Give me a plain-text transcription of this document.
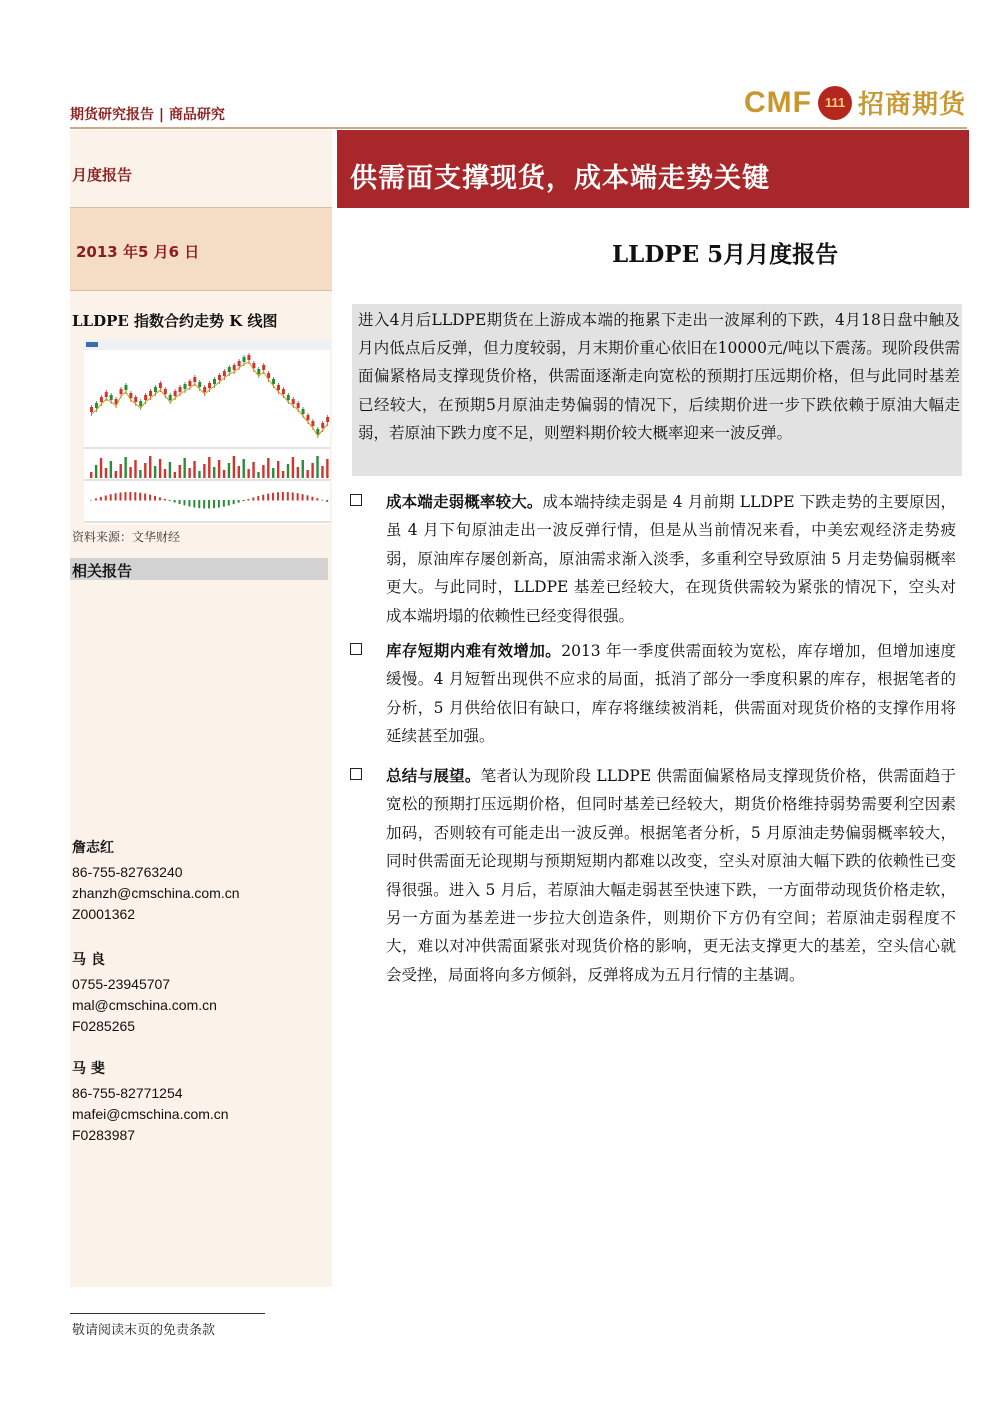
期货研究报告 | 商品研究	CMF 111 招商期货
月度报告
2013 年5 月6 日
供需面支撑现货，成本端走势关键
LLDPE 5月月度报告
LLDPE 指数合约走势 K 线图
资料来源：文华财经
相关报告
詹志红
86-755-82763240
zhanzh@cmschina.com.cn
Z0001362
马 良
0755-23945707
mal@cmschina.com.cn
F0285265
马 斐
86-755-82771254
mafei@cmschina.com.cn
F0283987
进入4月后LLDPE期货在上游成本端的拖累下走出一波犀利的下跌，4月18日盘中触及月内低点后反弹，但力度较弱，月末期价重心依旧在10000元/吨以下震荡。现阶段供需面偏紧格局支撑现货价格，供需面逐渐走向宽松的预期打压远期价格，但与此同时基差已经较大，在预期5月原油走势偏弱的情况下，后续期价进一步下跌依赖于原油大幅走弱，若原油下跌力度不足，则塑料期价较大概率迎来一波反弹。
成本端走弱概率较大。成本端持续走弱是 4 月前期 LLDPE 下跌走势的主要原因，虽 4 月下旬原油走出一波反弹行情，但是从当前情况来看，中美宏观经济走势疲弱，原油库存屡创新高，原油需求渐入淡季，多重利空导致原油 5 月走势偏弱概率更大。与此同时，LLDPE 基差已经较大，在现货供需较为紧张的情况下，空头对成本端坍塌的依赖性已经变得很强。
库存短期内难有效增加。2013 年一季度供需面较为宽松，库存增加，但增加速度缓慢。4 月短暂出现供不应求的局面，抵消了部分一季度积累的库存，根据笔者的分析，5 月供给依旧有缺口，库存将继续被消耗，供需面对现货价格的支撑作用将延续甚至加强。
总结与展望。笔者认为现阶段 LLDPE 供需面偏紧格局支撑现货价格，供需面趋于宽松的预期打压远期价格，但同时基差已经较大，期货价格维持弱势需要利空因素加码，否则较有可能走出一波反弹。根据笔者分析，5 月原油走势偏弱概率较大，同时供需面无论现期与预期短期内都难以改变，空头对原油大幅下跌的依赖性已变得很强。进入 5 月后，若原油大幅走弱甚至快速下跌，一方面带动现货价格走软，另一方面为基差进一步拉大创造条件，则期价下方仍有空间；若原油走弱程度不大，难以对冲供需面紧张对现货价格的影响，更无法支撑更大的基差，空头信心就会受挫，局面将向多方倾斜，反弹将成为五月行情的主基调。
敬请阅读末页的免责条款
